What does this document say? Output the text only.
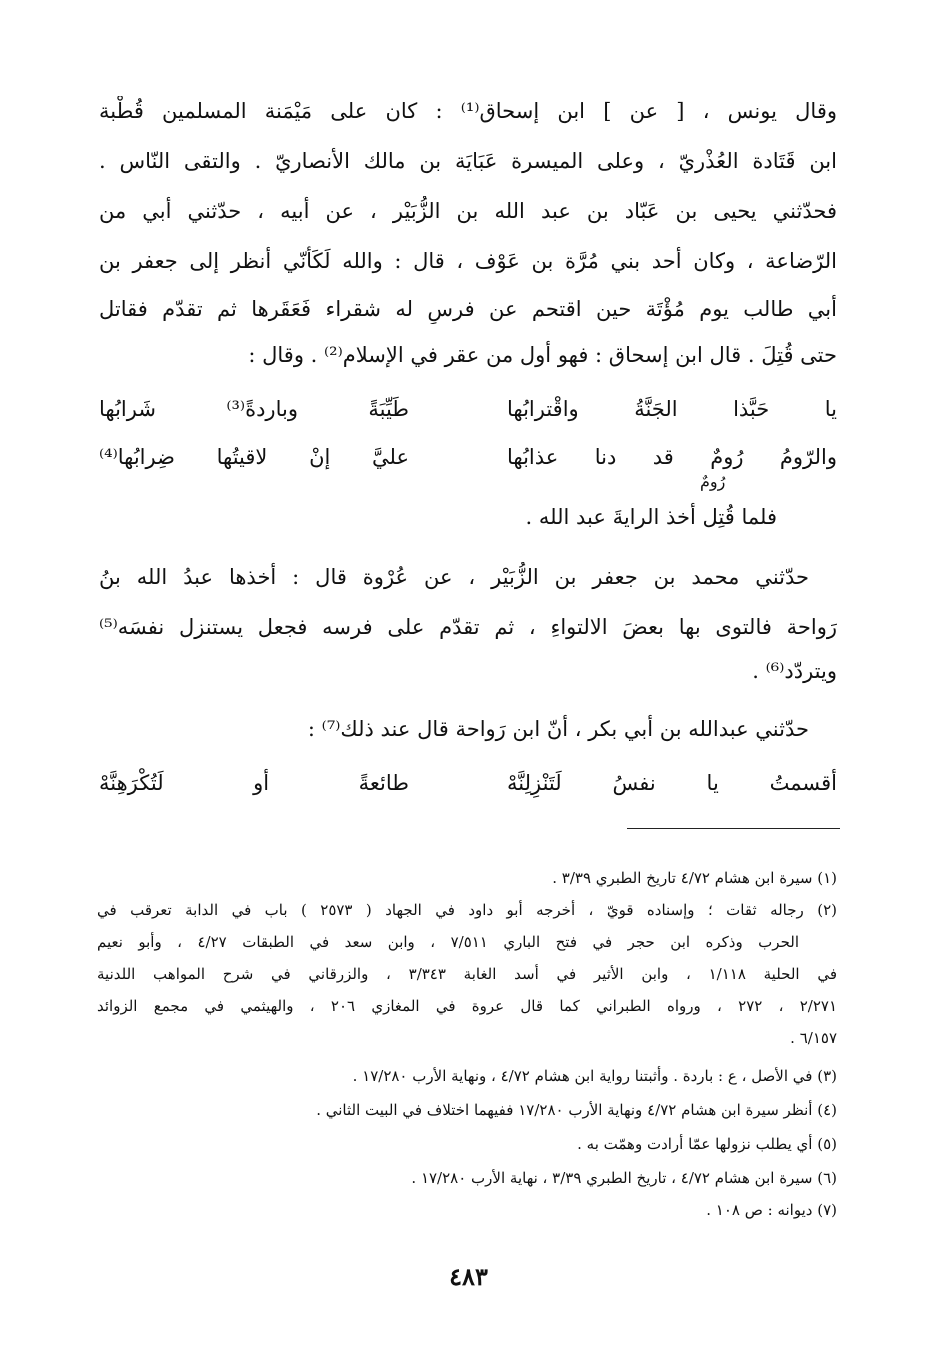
وقال يونس ، [ عن ] ابن إسحاق⁽¹⁾ : كان على مَيْمَنة المسلمين قُطْبة
ابن قَتَادة العُذْريّ ، وعلى الميسرة عَبَايَة بن مالك الأنصاريّ . والتقى النّاس .
فحدّثني يحيى بن عَبّاد بن عبد الله بن الزُّبَيْر ، عن أبيه ، حدّثني أبي من
الرّضاعة ، وكان أحد بني مُرَّة بن عَوْف ، قال : والله لَكَأنّي أنظر إلى جعفر بن
أبي طالب يوم مُؤْتَة حين اقتحم عن فرسٍ له شقراء فَعَقَرها ثم تقدّم فقاتل
حتى قُتِلَ . قال ابن إسحاق : فهو أول من عقر في الإسلام⁽²⁾ . وقال :
يا حَبَّذا الجَنَّةُ واقْترابُها
طَيِّبَةً وباردةً⁽³⁾ شَرابُها
والرّومُ رُومٌ قد دنا عذابُها
عليَّ إنْ لاقيتُها ضِرابُها⁽⁴⁾
رُومٌ
فلما قُتِل أخذ الرايةَ عبد الله .
حدّثني محمد بن جعفر بن الزُّبَيْر ، عن عُرْوة قال : أخذها عبدُ الله بنُ
رَواحة فالتوى بها بعضَ الالتواءِ ، ثم تقدّم على فرسه فجعل يستنزل نفسَه⁽⁵⁾
ويتردّد⁽⁶⁾ .
حدّثني عبدالله بن أبي بكر ، أنّ ابن رَواحة قال عند ذلك⁽⁷⁾ :
أقسمتُ يا نفسُ لَتَنْزِلِنَّهْ
طائعةً أو لَتُكْرَهِنَّهْ
(١) سيرة ابن هشام ٤/٧٢ تاريخ الطبري ٣/٣٩ .
(٢) رجاله ثقات ؛ وإسناده قويّ ، أخرجه أبو داود في الجهاد ( ٢٥٧٣ ) باب في الدابة تعرقب في
الحرب وذكره ابن حجر في فتح الباري ٧/٥١١ ، وابن سعد في الطبقات ٤/٢٧ ، وأبو نعيم
في الحلية ١/١١٨ ، وابن الأثير في أسد الغابة ٣/٣٤٣ ، والزرقاني في شرح المواهب اللدنية
٢/٢٧١ ، ٢٧٢ ، ورواه الطبراني كما قال عروة في المغازي ٢٠٦ ، والهيثمي في مجمع الزوائد
٦/١٥٧ .
(٣) في الأصل ، ع : باردة . وأثبتنا رواية ابن هشام ٤/٧٢ ، ونهاية الأرب ١٧/٢٨٠ .
(٤) أنظر سيرة ابن هشام ٤/٧٢ ونهاية الأرب ١٧/٢٨٠ ففيهما اختلاف في البيت الثاني .
(٥) أي يطلب نزولها عمّا أرادت وهمّت به .
(٦) سيرة ابن هشام ٤/٧٢ ، تاريخ الطبري ٣/٣٩ ، نهاية الأرب ١٧/٢٨٠ .
(٧) ديوانه : ص ١٠٨ .
٤٨٣
